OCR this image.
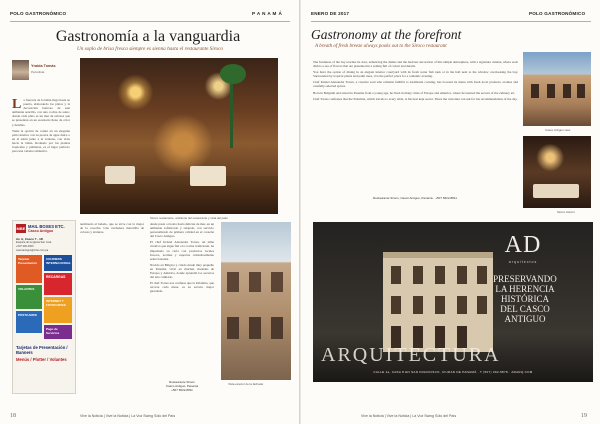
POLO GASTRONÓMICO	P A N A M Á
Gastronomía a la vanguardia
Un soplo de brisa fresca siempre es sienna hasta el restaurante Siroco
Yraida Tomás
Periodista
L a frescura de la bahía llega hasta su puerta, elaborando los platos y la decoración lustrosa de este ambiente sencillo, con una cocina de autor, donde cada plato es un mar de sabores que se presentan en un escenario lleno de color y detalles.

Tiene la opción de comer en un elegante patio interior con su pecera de agua dulce o en el salón junto a la ventana, con vista hacia la bahía. Rodeado por las plantas tropicales y palmeras, es el lugar perfecto para una velada romántica.

Siroco restaurante, ambiente del restaurante y vista del patio

terminado el helado, que se sirve con lo mejor de la cosecha. Una verdadera maravilla de colores y texturas.

desde pasta o risotto hasta delicias de mar, en un ambiente sofisticado y relajado, con servicio personalizado de primera calidad en el corazón del Casco Antiguo.

El chef Kristel Alexandra Torres, un alma creativa que sigue fiel a la cocina tradicional, ha impulsado su carta con productos locales frescos, aromas y especias cuidadosamente seleccionadas.

Nacido en Bélgica y criado desde muy pequeño en Panamá, vivió en muchas ciudades de Europa y América, donde aprendió los secretos del arte culinario.

El chef Torres nos confiesa que la Palomita, que recorre cada mesa, es su secreto mejor guardado.

Restaurante Siroco
Casco Antiguo, Panamá
+507 6522-8811
Vista exterior de la fachada
MBE MAIL BOXES ETC.
Casco Antiguo
Av. A, Casco 7 - 1D
Esquina de la iglesia San José
+507 390-4600
cascoantiguo@mbe.com.pa
Tarjetas Presentación
COURIERS INTERNACIONAL
RECARGAS
VOLANTES
INTERNET Y FOTOCOPIAS
POSTCARDS
Pago de Servicios
Tarjetas de Presentación / Banners
Menús / Plotter / Volantes
18	Vive la Noticia | Vive la Noticia | La Voz Swing Sólo del País
ENERO DE 2017	POLO GASTRONÓMICO
Gastronomy at the forefront
A breath of fresh breeze always pooks out to the Siroco restaurant

The freshness of the bay reaches its door, enhancing the dishes and the lustrous decoration of this simple atmosphere, with a signature cuisine, where each dish is a sea of flavors that are presented in a setting full of colour and details.

You have the option of dining in an elegant interior courtyard with its fresh water fish tank or in the hall next to the window overlooking the bay. Surrounded by tropical plants and palm trees, it is the perfect place for a romantic evening.

Chef Kristel Alexandra Torres, a creative soul who remains faithful to traditional cooking, has boosted its menu with fresh local products, aromas and carefully selected spices.

Born in Belgium and raised in Panama from a young age, he lived in many cities of Europe and America, where he learned the secrets of the culinary art.

Chef Torres confesses that the Palomita, which travels to every table, is his best kept secret. There the customer can ask for his recommendation of the day.

Restaurante Siroco, Casco Antiguo, Panamá · +507 6522-8811
Casco Antiguo view
Siroco interior
AD
arquitectos
PRESERVANDO
LA HERENCIA
HISTÓRICA
DEL CASCO
ANTIGUO
ARQUITECTURA
CALLE 1a, CASA 8 EN SAN FRANCISCO, CIUDAD DE PANAMÁ · T (507) 392-5878 · ADARQ.COM
Vive la Noticia | Vive la Noticia | La Voz Swing Sólo del País	19
